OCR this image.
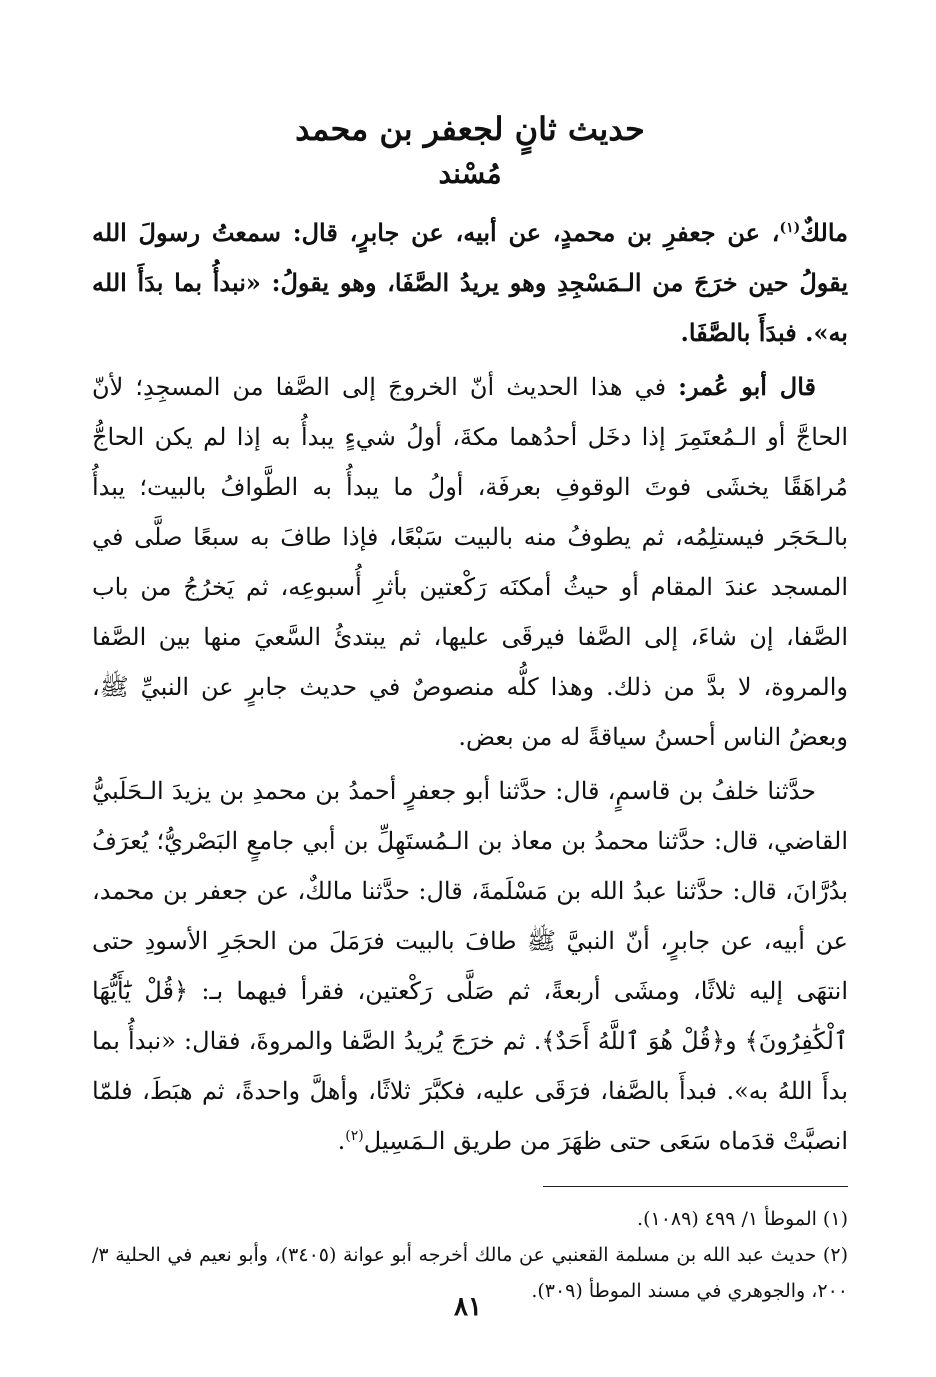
حديث ثانٍ لجعفر بن محمد
مُسْند

مالكٌ$^{(١)}$، عن جعفرِ بن محمدٍ، عن أبيه، عن جابرٍ، قال: سمعتُ رسولَ الله يقولُ حين خرَجَ من الـمَسْجِدِ وهو يريدُ الصَّفَا، وهو يقولُ: «نبدأُ بما بدَأَ الله به». فبدَأَ بالصَّفَا.

قال أبو عُمر: في هذا الحديث أنّ الخروجَ إلى الصَّفا من المسجِدِ؛ لأنّ الحاجَّ أو الـمُعتَمِرَ إذا دخَل أحدُهما مكةَ، أولُ شيءٍ يبدأُ به إذا لم يكن الحاجُّ مُراهَقًا يخشَى فوتَ الوقوفِ بعرفَة، أولُ ما يبدأُ به الطَّوافُ بالبيت؛ يبدأُ بالـحَجَر فيستلِمُه، ثم يطوفُ منه بالبيت سَبْعًا، فإذا طافَ به سبعًا صلَّى في المسجد عندَ المقام أو حيثُ أمكنَه رَكْعتين بأثرِ أُسبوعِه، ثم يَخرُجُ من باب الصَّفا، إن شاءَ، إلى الصَّفا فيرقَى عليها، ثم يبتدئُ السَّعيَ منها بين الصَّفا والمروة، لا بدَّ من ذلك. وهذا كلُّه منصوصٌ في حديث جابرٍ عن النبيِّ ﷺ، وبعضُ الناس أحسنُ سياقةً له من بعض.

حدَّثنا خلفُ بن قاسمٍ، قال: حدَّثنا أبو جعفرٍ أحمدُ بن محمدِ بن يزيدَ الـحَلَبيُّ القاضي، قال: حدَّثنا محمدُ بن معاذ بن الـمُستَهِلِّ بن أبي جامعٍ البَصْريُّ؛ يُعرَفُ بدُرَّانَ، قال: حدَّثنا عبدُ الله بن مَسْلَمةَ، قال: حدَّثنا مالكٌ، عن جعفر بن محمد، عن أبيه، عن جابرٍ، أنّ النبيَّ ﷺ طافَ بالبيت فرَمَلَ من الحجَرِ الأسودِ حتى انتهَى إليه ثلاثًا، ومشَى أربعةً، ثم صَلَّى رَكْعتين، فقرأ فيهما بـ: ﴿قُلْ يَٰٓأَيُّهَا ٱلْكَٰفِرُونَ﴾ و﴿قُلْ هُوَ ٱللَّهُ أَحَدٌ﴾. ثم خرَجَ يُريدُ الصَّفا والمروةَ، فقال: «نبدأُ بما بدأَ اللهُ به». فبدأَ بالصَّفا، فرَقَى عليه، فكبَّرَ ثلاثًا، وأهلَّ واحدةً، ثم هبَطَ، فلمّا انصبَّتْ قدَماه سَعَى حتى ظهَرَ من طريق الـمَسِيل$^{(٢)}$.

(١) الموطأ ١/ ٤٩٩ (١٠٨٩).

(٢) حديث عبد الله بن مسلمة القعنبي عن مالك أخرجه أبو عوانة (٣٤٠٥)، وأبو نعيم في الحلية ٣/ ٢٠٠، والجوهري في مسند الموطأ (٣٠٩).

٨١
